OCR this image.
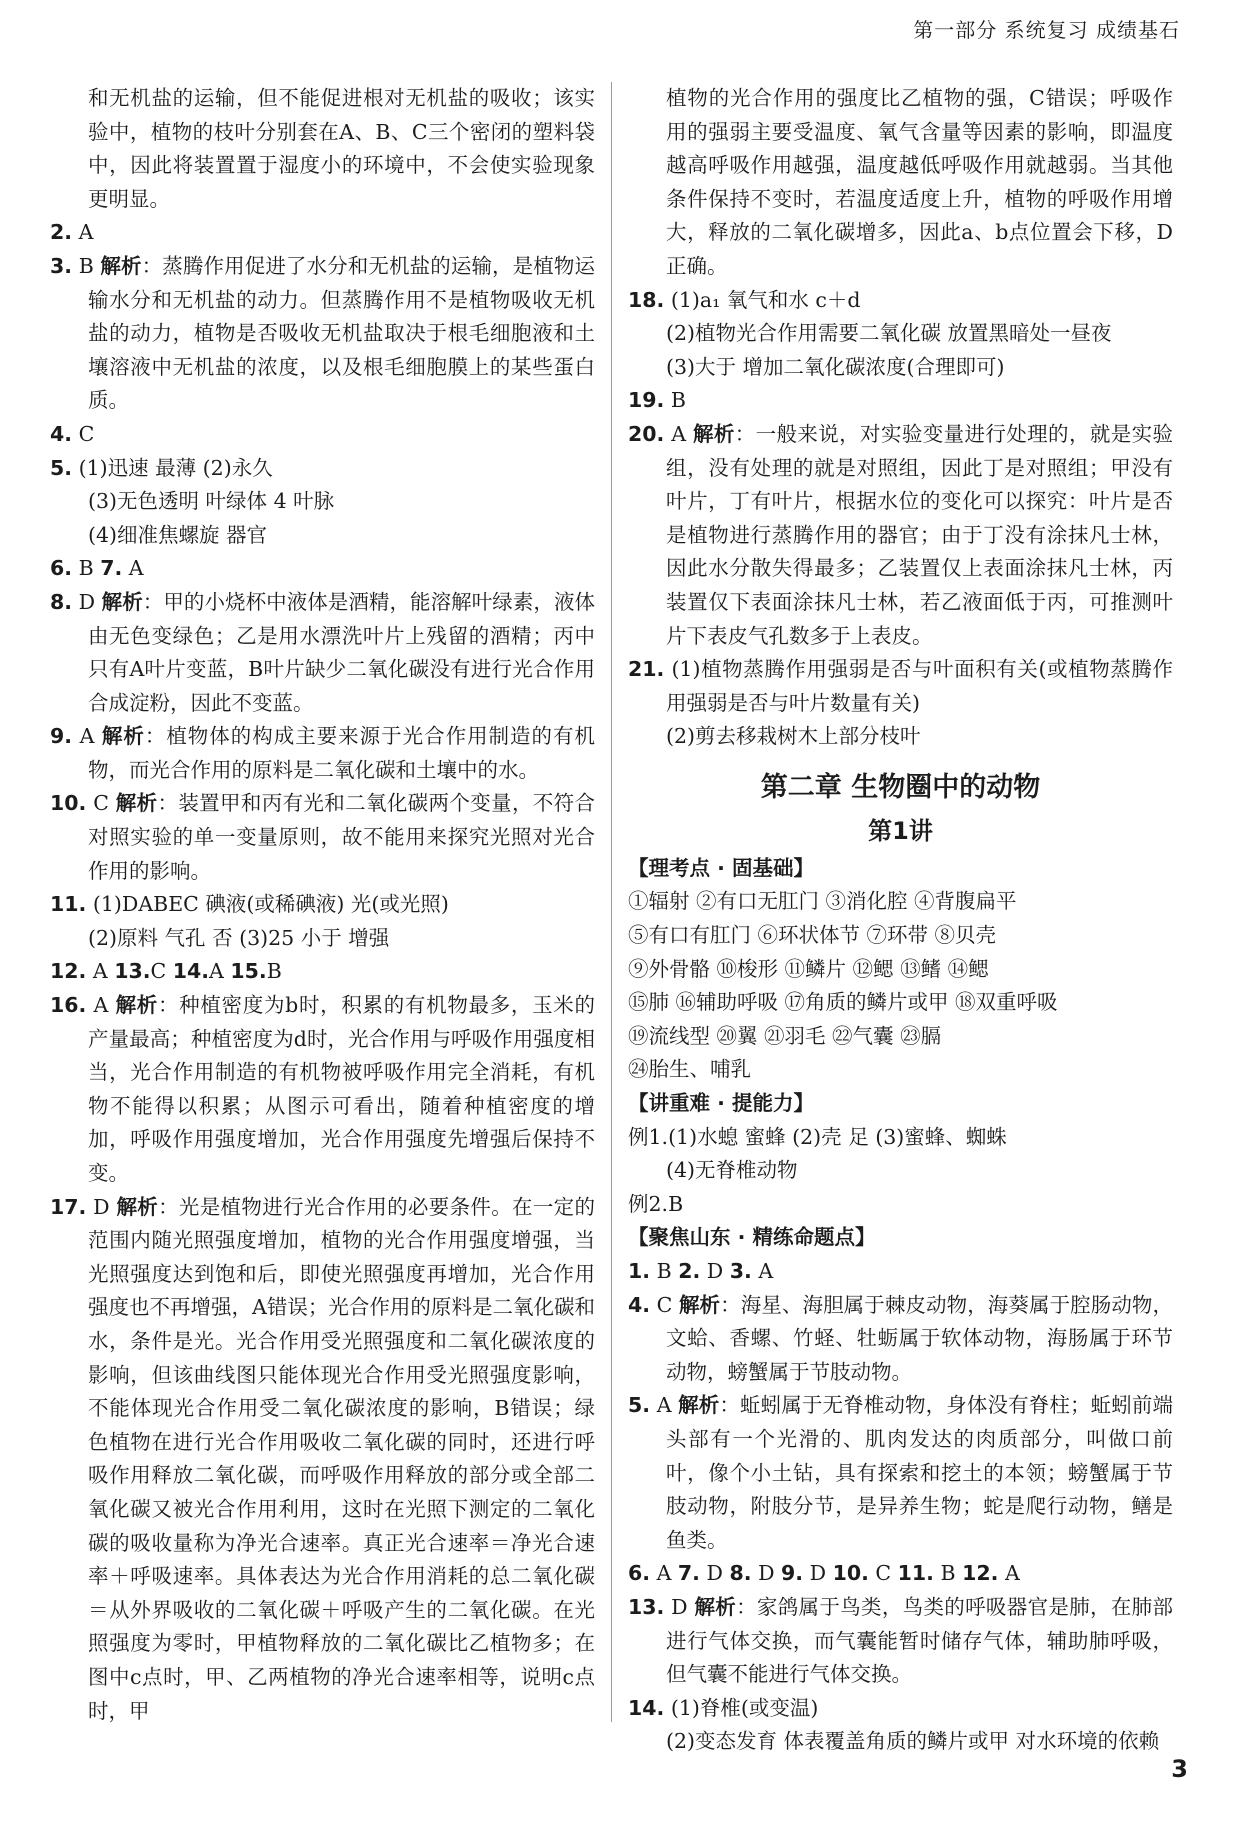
第一部分 系统复习 成绩基石

和无机盐的运输，但不能促进根对无机盐的吸收；该实验中，植物的枝叶分别套在A、B、C三个密闭的塑料袋中，因此将装置置于湿度小的环境中，不会使实验现象更明显。

2. A

3. B 解析：蒸腾作用促进了水分和无机盐的运输，是植物运输水分和无机盐的动力。但蒸腾作用不是植物吸收无机盐的动力，植物是否吸收无机盐取决于根毛细胞液和土壤溶液中无机盐的浓度，以及根毛细胞膜上的某些蛋白质。

4. C

5. (1)迅速 最薄 (2)永久

(3)无色透明 叶绿体 4 叶脉

(4)细准焦螺旋 器官

6. B 7. A

8. D 解析：甲的小烧杯中液体是酒精，能溶解叶绿素，液体由无色变绿色；乙是用水漂洗叶片上残留的酒精；丙中只有A叶片变蓝，B叶片缺少二氧化碳没有进行光合作用合成淀粉，因此不变蓝。

9. A 解析：植物体的构成主要来源于光合作用制造的有机物，而光合作用的原料是二氧化碳和土壤中的水。

10. C 解析：装置甲和丙有光和二氧化碳两个变量，不符合对照实验的单一变量原则，故不能用来探究光照对光合作用的影响。

11. (1)DABEC 碘液(或稀碘液) 光(或光照)

(2)原料 气孔 否 (3)25 小于 增强

12. A 13.C 14.A 15.B

16. A 解析：种植密度为b时，积累的有机物最多，玉米的产量最高；种植密度为d时，光合作用与呼吸作用强度相当，光合作用制造的有机物被呼吸作用完全消耗，有机物不能得以积累；从图示可看出，随着种植密度的增加，呼吸作用强度增加，光合作用强度先增强后保持不变。

17. D 解析：光是植物进行光合作用的必要条件。在一定的范围内随光照强度增加，植物的光合作用强度增强，当光照强度达到饱和后，即使光照强度再增加，光合作用强度也不再增强，A错误；光合作用的原料是二氧化碳和水，条件是光。光合作用受光照强度和二氧化碳浓度的影响，但该曲线图只能体现光合作用受光照强度影响，不能体现光合作用受二氧化碳浓度的影响，B错误；绿色植物在进行光合作用吸收二氧化碳的同时，还进行呼吸作用释放二氧化碳，而呼吸作用释放的部分或全部二氧化碳又被光合作用利用，这时在光照下测定的二氧化碳的吸收量称为净光合速率。真正光合速率＝净光合速率＋呼吸速率。具体表达为光合作用消耗的总二氧化碳＝从外界吸收的二氧化碳＋呼吸产生的二氧化碳。在光照强度为零时，甲植物释放的二氧化碳比乙植物多；在图中c点时，甲、乙两植物的净光合速率相等，说明c点时，甲

植物的光合作用的强度比乙植物的强，C错误；呼吸作用的强弱主要受温度、氧气含量等因素的影响，即温度越高呼吸作用越强，温度越低呼吸作用就越弱。当其他条件保持不变时，若温度适度上升，植物的呼吸作用增大，释放的二氧化碳增多，因此a、b点位置会下移，D正确。

18. (1)a₁ 氧气和水 c＋d

(2)植物光合作用需要二氧化碳 放置黑暗处一昼夜

(3)大于 增加二氧化碳浓度(合理即可)

19. B

20. A 解析：一般来说，对实验变量进行处理的，就是实验组，没有处理的就是对照组，因此丁是对照组；甲没有叶片，丁有叶片，根据水位的变化可以探究：叶片是否是植物进行蒸腾作用的器官；由于丁没有涂抹凡士林，因此水分散失得最多；乙装置仅上表面涂抹凡士林，丙装置仅下表面涂抹凡士林，若乙液面低于丙，可推测叶片下表皮气孔数多于上表皮。

21. (1)植物蒸腾作用强弱是否与叶面积有关(或植物蒸腾作用强弱是否与叶片数量有关)

(2)剪去移栽树木上部分枝叶

第二章 生物圈中的动物
第1讲

【理考点 · 固基础】

①辐射 ②有口无肛门 ③消化腔 ④背腹扁平

⑤有口有肛门 ⑥环状体节 ⑦环带 ⑧贝壳

⑨外骨骼 ⑩梭形 ⑪鳞片 ⑫鳃 ⑬鳍 ⑭鳃

⑮肺 ⑯辅助呼吸 ⑰角质的鳞片或甲 ⑱双重呼吸

⑲流线型 ⑳翼 ㉑羽毛 ㉒气囊 ㉓膈

㉔胎生、哺乳

【讲重难 · 提能力】

例1.(1)水螅 蜜蜂 (2)壳 足 (3)蜜蜂、蜘蛛

(4)无脊椎动物

例2.B

【聚焦山东 · 精练命题点】

1. B 2. D 3. A

4. C 解析：海星、海胆属于棘皮动物，海葵属于腔肠动物，文蛤、香螺、竹蛏、牡蛎属于软体动物，海肠属于环节动物，螃蟹属于节肢动物。

5. A 解析：蚯蚓属于无脊椎动物，身体没有脊柱；蚯蚓前端头部有一个光滑的、肌肉发达的肉质部分，叫做口前叶，像个小土钻，具有探索和挖土的本领；螃蟹属于节肢动物，附肢分节，是异养生物；蛇是爬行动物，鳝是鱼类。

6. A 7. D 8. D 9. D 10. C 11. B 12. A

13. D 解析：家鸽属于鸟类，鸟类的呼吸器官是肺，在肺部进行气体交换，而气囊能暂时储存气体，辅助肺呼吸，但气囊不能进行气体交换。

14. (1)脊椎(或变温)

(2)变态发育 体表覆盖角质的鳞片或甲 对水环境的依赖

3
